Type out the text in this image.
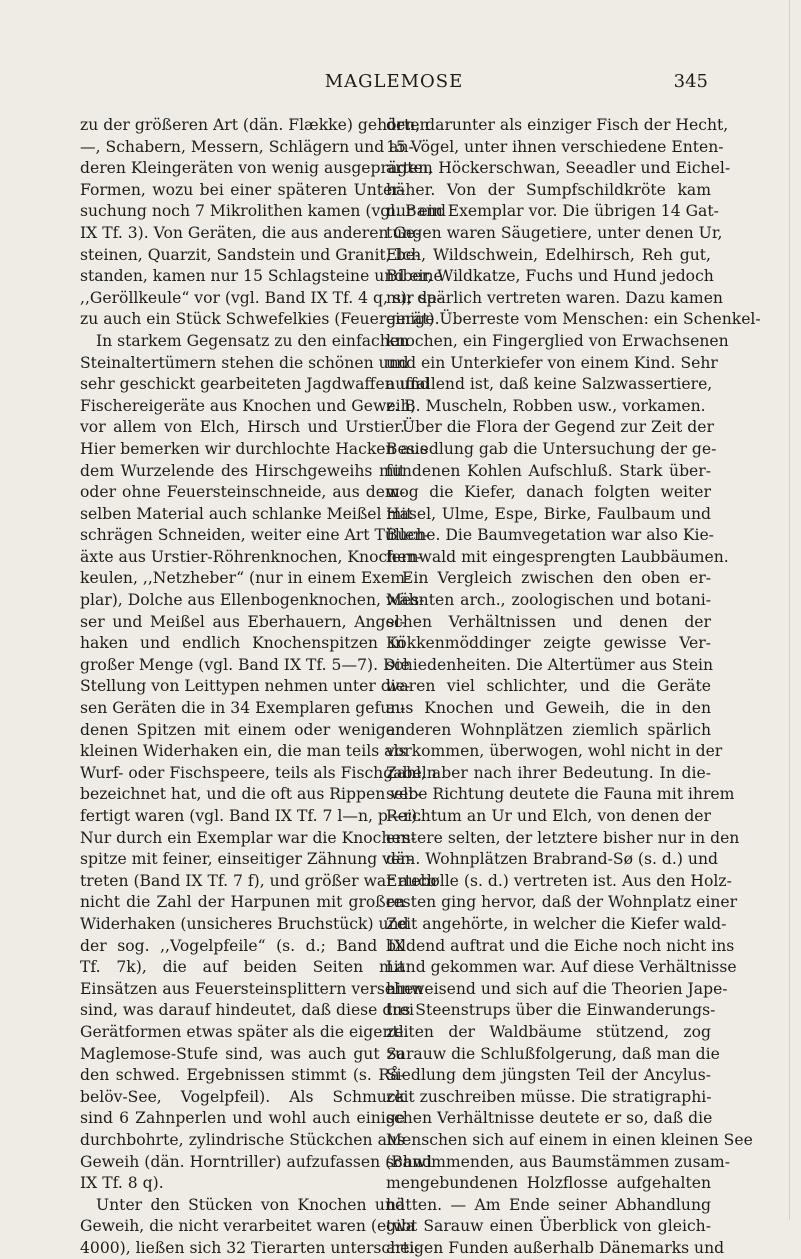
MAGLEMOSE	345
zu der größeren Art (dän. Flække) gehörten
—, Schabern, Messern, Schlägern und an-
deren Kleingeräten von wenig ausgeprägten
Formen, wozu bei einer späteren Unter-
suchung noch 7 Mikrolithen kamen (vgl. Band
IX Tf. 3). Von Geräten, die aus anderen Ge-
steinen, Quarzit, Sandstein und Granit, be-
standen, kamen nur 15 Schlagsteine und eine
,,Geröllkeule“ vor (vgl. Band IX Tf. 4 q, s); da-
zu auch ein Stück Schwefelkies (Feuergerät).
In starkem Gegensatz zu den einfachen
Steinaltertümern stehen die schönen und
sehr geschickt gearbeiteten Jagdwaffen und
Fischereigeräte aus Knochen und Geweih,
vor allem von Elch, Hirsch und Urstier.
Hier bemerken wir durchlochte Hacken aus
dem Wurzelende des Hirschgeweihs mit
oder ohne Feuersteinschneide, aus dem-
selben Material auch schlanke Meißel mit
schrägen Schneiden, weiter eine Art Tüllen-
äxte aus Urstier-Röhrenknochen, Knochen-
keulen, ,,Netzheber“ (nur in einem Exem-
plar), Dolche aus Ellenbogenknochen, Mes-
ser und Meißel aus Eberhauern, Angel-
haken und endlich Knochenspitzen in
großer Menge (vgl. Band IX Tf. 5—7). Die
Stellung von Leittypen nehmen unter die-
sen Geräten die in 34 Exemplaren gefun-
denen Spitzen mit einem oder wenigen
kleinen Widerhaken ein, die man teils als
Wurf- oder Fischspeere, teils als Fischgabeln
bezeichnet hat, und die oft aus Rippen ver-
fertigt waren (vgl. Band IX Tf. 7 l—n, p—r).
Nur durch ein Exemplar war die Knochen-
spitze mit feiner, einseitiger Zähnung ver-
treten (Band IX Tf. 7 f), und größer war auch
nicht die Zahl der Harpunen mit großen
Widerhaken (unsicheres Bruchstück) und
der sog. ,,Vogelpfeile“ (s. d.; Band IX
Tf. 7k), die auf beiden Seiten mit
Einsätzen aus Feuersteinsplittern versehen
sind, was darauf hindeutet, daß diese drei
Gerätformen etwas später als die eigentl.
Maglemose-Stufe sind, was auch gut zu
den schwed. Ergebnissen stimmt (s. Rå-
belöv-See, Vogelpfeil). Als Schmuck
sind 6 Zahnperlen und wohl auch einige
durchbohrte, zylindrische Stückchen aus
Geweih (dän. Horntriller) aufzufassen (Band
IX Tf. 8 q).
Unter den Stücken von Knochen und
Geweih, die nicht verarbeitet waren (etwa
4000), ließen sich 32 Tierarten unterschei-
den, darunter als einziger Fisch der Hecht,
15 Vögel, unter ihnen verschiedene Enten-
arten, Höckerschwan, Seeadler und Eichel-
häher. Von der Sumpfschildkröte kam
nur ein Exemplar vor. Die übrigen 14 Gat-
tungen waren Säugetiere, unter denen Ur,
Elch, Wildschwein, Edelhirsch, Reh gut,
Biber, Wildkatze, Fuchs und Hund jedoch
nur spärlich vertreten waren. Dazu kamen
einige Überreste vom Menschen: ein Schenkel-
knochen, ein Fingerglied von Erwachsenen
und ein Unterkiefer von einem Kind. Sehr
auffallend ist, daß keine Salzwassertiere,
z. B. Muscheln, Robben usw., vorkamen.
Über die Flora der Gegend zur Zeit der
Besiedlung gab die Untersuchung der ge-
fundenen Kohlen Aufschluß. Stark über-
wog die Kiefer, danach folgten weiter
Hasel, Ulme, Espe, Birke, Faulbaum und
Buche. Die Baumvegetation war also Kie-
fernwald mit eingesprengten Laubbäumen.
Ein Vergleich zwischen den oben er-
wähnten arch., zoologischen und botani-
schen Verhältnissen und denen der
Kökkenmöddinger zeigte gewisse Ver-
schiedenheiten. Die Altertümer aus Stein
waren viel schlichter, und die Geräte
aus Knochen und Geweih, die in den
anderen Wohnplätzen ziemlich spärlich
vorkommen, überwogen, wohl nicht in der
Zahl, aber nach ihrer Bedeutung. In die-
selbe Richtung deutete die Fauna mit ihrem
Reichtum an Ur und Elch, von denen der
erstere selten, der letztere bisher nur in den
dän. Wohnplätzen Brabrand-Sø (s. d.) und
Ertebølle (s. d.) vertreten ist. Aus den Holz-
resten ging hervor, daß der Wohnplatz einer
Zeit angehörte, in welcher die Kiefer wald-
bildend auftrat und die Eiche noch nicht ins
Land gekommen war. Auf diese Verhältnisse
hinweisend und sich auf die Theorien Jape-
tus Steenstrups über die Einwanderungs-
zeiten der Waldbäume stützend, zog
Sarauw die Schlußfolgerung, daß man die
Siedlung dem jüngsten Teil der Ancylus-
zeit zuschreiben müsse. Die stratigraphi-
schen Verhältnisse deutete er so, daß die
Menschen sich auf einem in einen kleinen See
schwimmenden, aus Baumstämmen zusam-
mengebundenen Holzflosse aufgehalten
hätten. — Am Ende seiner Abhandlung
gibt Sarauw einen Überblick von gleich-
artigen Funden außerhalb Dänemarks und
